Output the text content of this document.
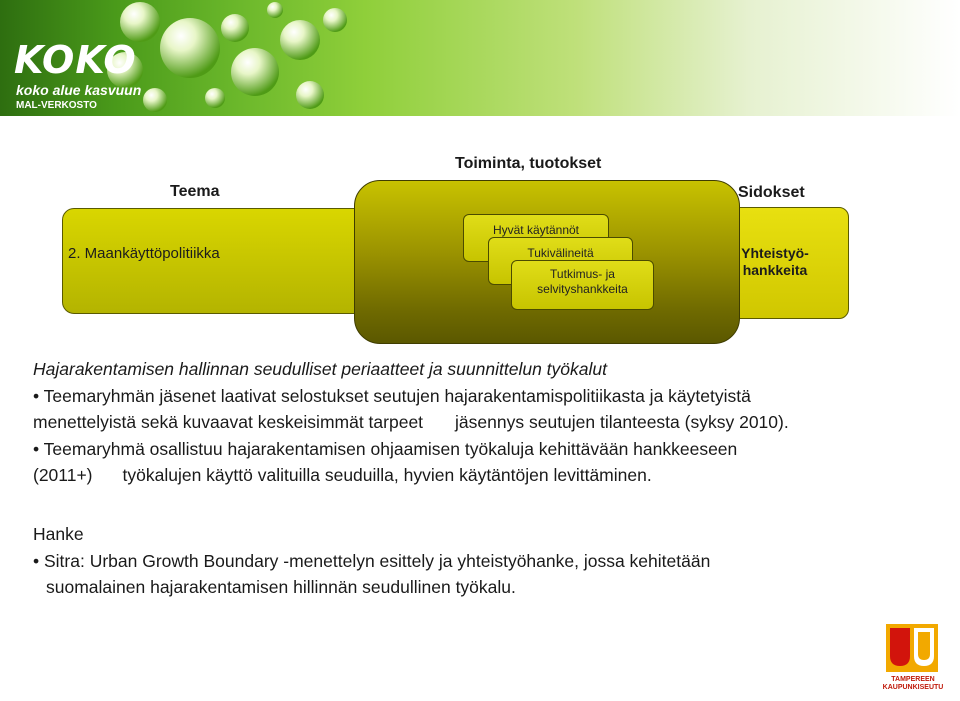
KOKO
koko alue kasvuun
MAL-VERKOSTO
Teema
Toiminta, tuotokset
Sidokset
2. Maankäyttöpolitiikka	Yhteistyö-hankkeita
Hyvät käytännöt
Tukivälineitä
Tutkimus- ja selvityshankkeita

Hajarakentamisen hallinnan seudulliset periaatteet ja suunnittelun työkalut

• Teemaryhmän jäsenet laativat selostukset seutujen hajarakentamispolitiikasta ja käytetyistä

menettelyistä sekä kuvaavat keskeisimmät tarpeet jäsennys seutujen tilanteesta (syksy 2010).

• Teemaryhmä osallistuu hajarakentamisen ohjaamisen työkaluja kehittävään hankkeeseen

(2011+) työkalujen käyttö valituilla seuduilla, hyvien käytäntöjen levittäminen.

Hanke

• Sitra: Urban Growth Boundary -menettelyn esittely ja yhteistyöhanke, jossa kehitetään

suomalainen hajarakentamisen hillinnän seudullinen työkalu.

TAMPEREEN
KAUPUNKISEUTU
